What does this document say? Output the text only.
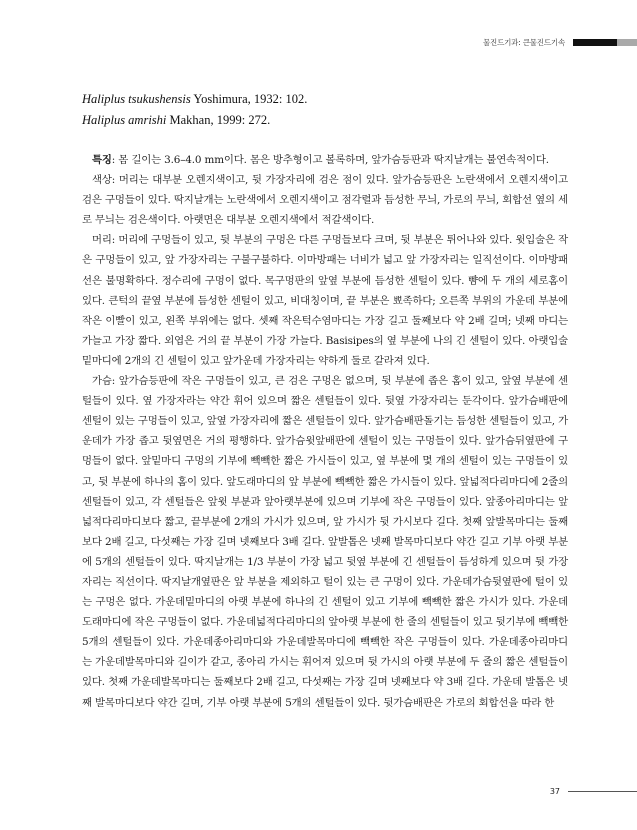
물진드기과: 큰물진드기속
Haliplus tsukushensis Yoshimura, 1932: 102.
Haliplus amrishi Makhan, 1999: 272.

특징: 몸 길이는 3.6–4.0 mm이다. 몸은 방추형이고 볼록하며, 앞가슴등판과 딱지날개는 불연속적이다.

색상: 머리는 대부분 오렌지색이고, 뒷 가장자리에 검은 점이 있다. 앞가슴등판은 노란색에서 오렌지색이고 검은 구멍들이 있다. 딱지날개는 노란색에서 오렌지색이고 점각렬과 듬성한 무늬, 가로의 무늬, 회합선 옆의 세로 무늬는 검은색이다. 아랫면은 대부분 오렌지색에서 적갈색이다.

머리: 머리에 구멍들이 있고, 뒷 부분의 구멍은 다른 구멍들보다 크며, 뒷 부분은 튀어나와 있다. 윗입술은 작은 구멍들이 있고, 앞 가장자리는 구불구불하다. 이마방패는 너비가 넓고 앞 가장자리는 일직선이다. 이마방패선은 불명확하다. 정수리에 구멍이 없다. 목구멍판의 앞옆 부분에 듬성한 센털이 있다. 뺨에 두 개의 세로홈이 있다. 큰턱의 끝옆 부분에 듬성한 센털이 있고, 비대칭이며, 끝 부분은 뾰족하다; 오른쪽 부위의 가운데 부분에 작은 이빨이 있고, 왼쪽 부위에는 없다. 셋째 작은턱수염마디는 가장 길고 둘째보다 약 2배 길며; 넷째 마디는 가늘고 가장 짧다. 외엽은 거의 끝 부분이 가장 가늘다. Basisipes의 옆 부분에 나의 긴 센털이 있다. 아랫입술밑마디에 2개의 긴 센털이 있고 앞가운데 가장자리는 약하게 둘로 갈라져 있다.

가슴: 앞가슴등판에 작은 구멍들이 있고, 큰 검은 구멍은 없으며, 뒷 부분에 좁은 홈이 있고, 앞옆 부분에 센털들이 있다. 옆 가장자라는 약간 휘어 있으며 짧은 센털들이 있다. 뒷옆 가장자리는 둔각이다. 앞가슴배판에 센털이 있는 구멍들이 있고, 앞옆 가장자리에 짧은 센털들이 있다. 앞가슴배판돌기는 듬성한 센털들이 있고, 가운데가 가장 좁고 뒷옆면은 거의 평행하다. 앞가슴윗앞배판에 센털이 있는 구멍들이 있다. 앞가슴뒤옆판에 구멍들이 없다. 앞밑마디 구멍의 기부에 빽빽한 짧은 가시들이 있고, 옆 부분에 몇 개의 센털이 있는 구멍들이 있고, 뒷 부분에 하나의 홈이 있다. 앞도래마디의 앞 부분에 빽빽한 짧은 가시들이 있다. 앞넓적다리마디에 2줄의 센털들이 있고, 각 센털들은 앞윗 부분과 앞아랫부분에 있으며 기부에 작은 구멍들이 있다. 앞종아리마디는 앞넓적다리마디보다 짧고, 끝부분에 2개의 가시가 있으며, 앞 가시가 뒷 가시보다 길다. 첫째 앞발목마디는 둘째보다 2배 길고, 다섯째는 가장 길며 넷째보다 3배 길다. 앞발톱은 넷째 발목마디보다 약간 길고 기부 아랫 부분에 5개의 센털들이 있다. 딱지날개는 1/3 부분이 가장 넓고 뒷옆 부분에 긴 센털들이 듬성하게 있으며 뒷 가장자리는 직선이다. 딱지날개옆판은 앞 부분을 제외하고 털이 있는 큰 구멍이 있다. 가운데가슴뒷옆판에 털이 있는 구멍은 없다. 가운데밑마디의 아랫 부분에 하나의 긴 센털이 있고 기부에 빽빽한 짧은 가시가 있다. 가운데도래마디에 작은 구멍들이 없다. 가운데넓적다리마디의 앞아랫 부분에 한 줄의 센털들이 있고 뒷기부에 빽빽한 5개의 센털들이 있다. 가운데종아리마디와 가운데발목마디에 빽빽한 작은 구멍들이 있다. 가운데종아리마디는 가운데발목마디와 길이가 같고, 종아리 가시는 휘어져 있으며 뒷 가시의 아랫 부분에 두 줄의 짧은 센털들이 있다. 첫째 가운데발목마디는 둘째보다 2배 길고, 다섯째는 가장 길며 넷째보다 약 3배 길다. 가운데 발톱은 넷째 발목마디보다 약간 길며, 기부 아랫 부분에 5개의 센털들이 있다. 뒷가슴배판은 가로의 회합선을 따라 한

37
